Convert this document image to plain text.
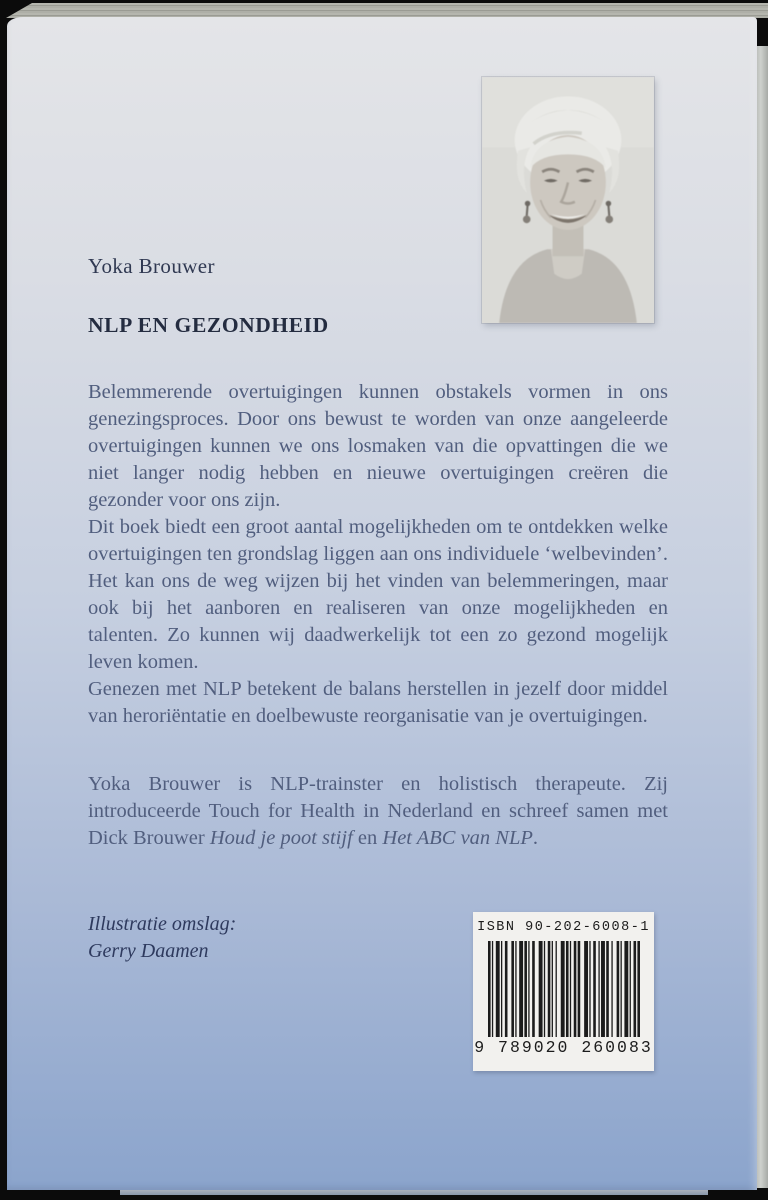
Yoka Brouwer
NLP EN GEZONDHEID

Belemmerende overtuigingen kunnen obstakels vormen in ons genezingsproces. Door ons bewust te worden van onze aangeleerde overtuigingen kunnen we ons losmaken van die opvattingen die we niet langer nodig hebben en nieuwe overtuigingen creëren die gezonder voor ons zijn.

Dit boek biedt een groot aantal mogelijkheden om te ontdekken welke overtuigingen ten grondslag liggen aan ons individuele ‘welbevinden’. Het kan ons de weg wijzen bij het vinden van belemmeringen, maar ook bij het aanboren en realiseren van onze mogelijkheden en talenten. Zo kunnen wij daadwerkelijk tot een zo gezond mogelijk leven komen.

Genezen met NLP betekent de balans herstellen in jezelf door middel van heroriëntatie en doelbewuste reorganisatie van je overtuigingen.

Yoka Brouwer is NLP-trainster en holistisch therapeute. Zij introduceerde Touch for Health in Nederland en schreef samen met Dick Brouwer Houd je poot stijf en Het ABC van NLP.
Illustratie omslag:
Gerry Daamen
ISBN 90-202-6008-1
9 789020 260083
